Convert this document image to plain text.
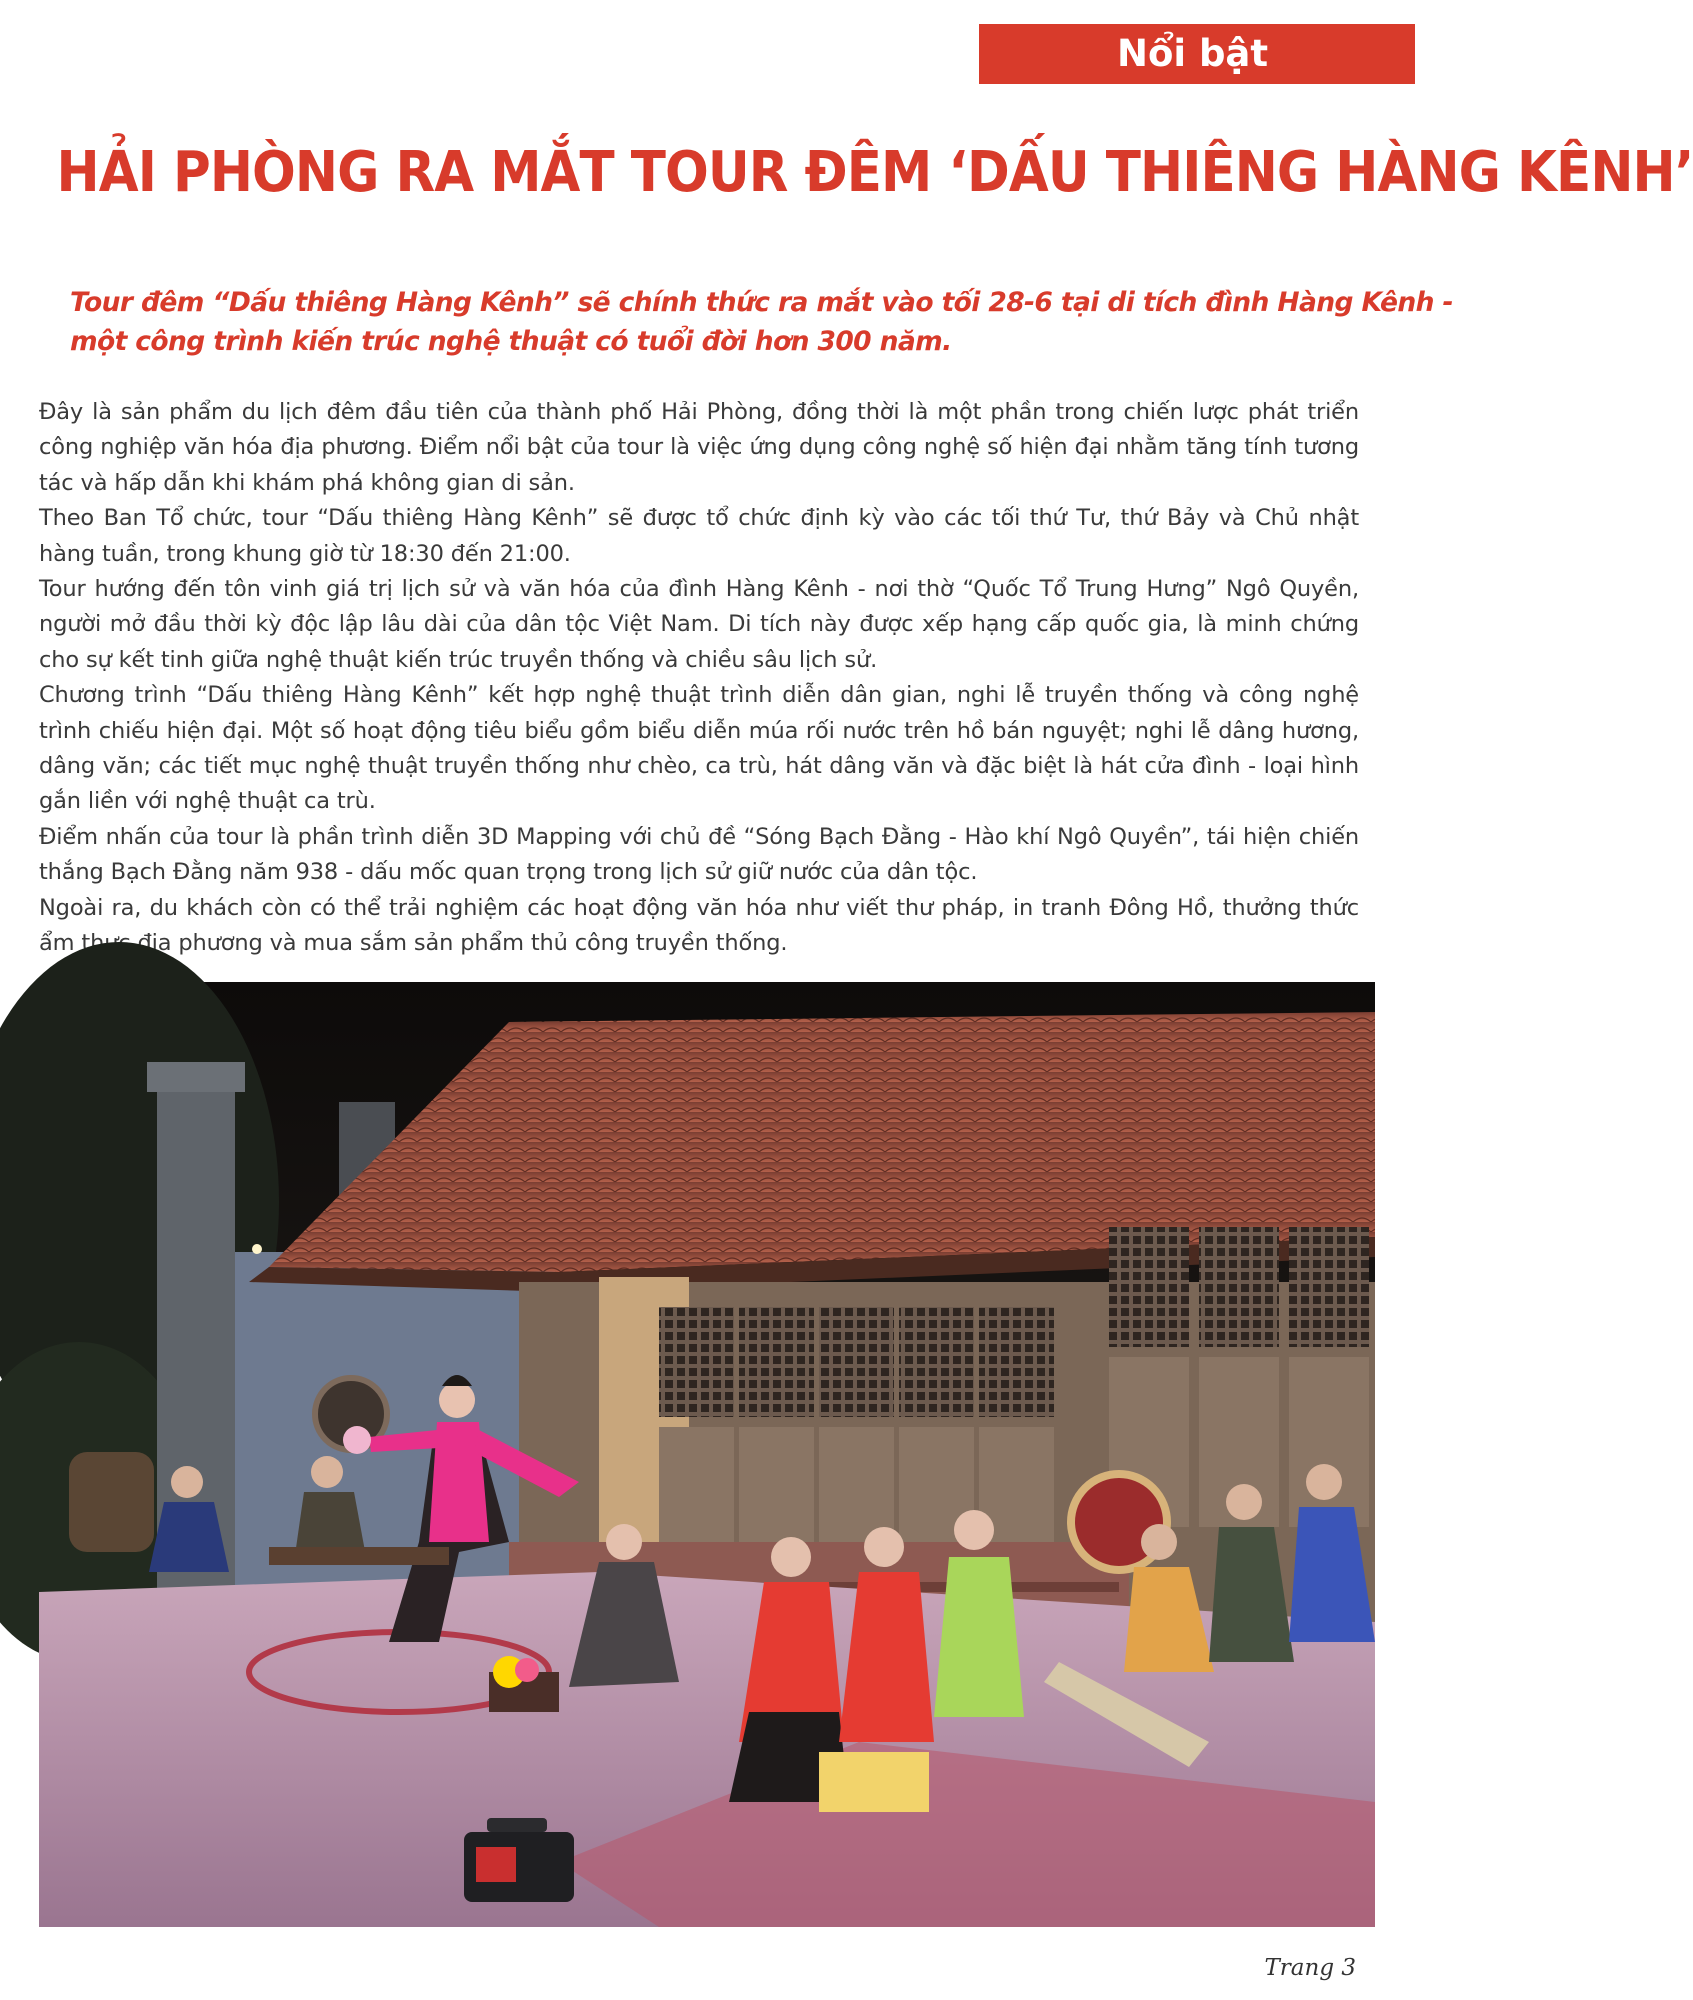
Nổi bật
HẢI PHÒNG RA MẮT TOUR ĐÊM ‘DẤU THIÊNG HÀNG KÊNH’
Tour đêm “Dấu thiêng Hàng Kênh” sẽ chính thức ra mắt vào tối 28-6 tại di tích đình Hàng Kênh -
một công trình kiến trúc nghệ thuật có tuổi đời hơn 300 năm.

Đây là sản phẩm du lịch đêm đầu tiên của thành phố Hải Phòng, đồng thời là một phần trong chiến lược phát triển công nghiệp văn hóa địa phương. Điểm nổi bật của tour là việc ứng dụng công nghệ số hiện đại nhằm tăng tính tương tác và hấp dẫn khi khám phá không gian di sản.

Theo Ban Tổ chức, tour “Dấu thiêng Hàng Kênh” sẽ được tổ chức định kỳ vào các tối thứ Tư, thứ Bảy và Chủ nhật hàng tuần, trong khung giờ từ 18:30 đến 21:00.

Tour hướng đến tôn vinh giá trị lịch sử và văn hóa của đình Hàng Kênh - nơi thờ “Quốc Tổ Trung Hưng” Ngô Quyền, người mở đầu thời kỳ độc lập lâu dài của dân tộc Việt Nam. Di tích này được xếp hạng cấp quốc gia, là minh chứng cho sự kết tinh giữa nghệ thuật kiến trúc truyền thống và chiều sâu lịch sử.

Chương trình “Dấu thiêng Hàng Kênh” kết hợp nghệ thuật trình diễn dân gian, nghi lễ truyền thống và công nghệ trình chiếu hiện đại. Một số hoạt động tiêu biểu gồm biểu diễn múa rối nước trên hồ bán nguyệt; nghi lễ dâng hương, dâng văn; các tiết mục nghệ thuật truyền thống như chèo, ca trù, hát dâng văn và đặc biệt là hát cửa đình - loại hình gắn liền với nghệ thuật ca trù.

Điểm nhấn của tour là phần trình diễn 3D Mapping với chủ đề “Sóng Bạch Đằng - Hào khí Ngô Quyền”, tái hiện chiến thắng Bạch Đằng năm 938 - dấu mốc quan trọng trong lịch sử giữ nước của dân tộc.

Ngoài ra, du khách còn có thể trải nghiệm các hoạt động văn hóa như viết thư pháp, in tranh Đông Hồ, thưởng thức ẩm thực địa phương và mua sắm sản phẩm thủ công truyền thống.

Trang 3
